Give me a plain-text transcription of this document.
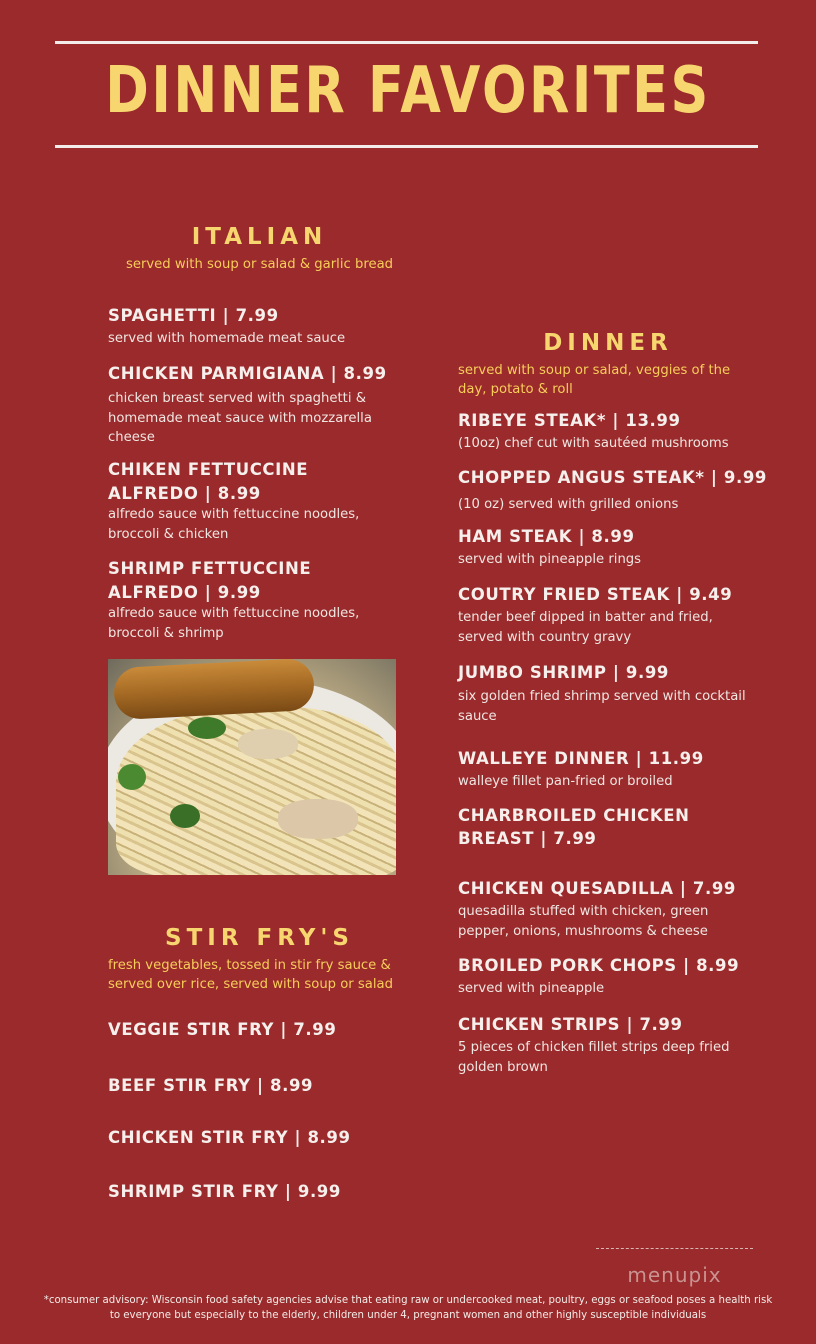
DINNER FAVORITES
ITALIAN
served with soup or salad & garlic bread
SPAGHETTI | 7.99
served with homemade meat sauce
CHICKEN PARMIGIANA | 8.99
chicken breast served with spaghetti & homemade meat sauce with mozzarella cheese
CHIKEN FETTUCCINE
ALFREDO | 8.99
alfredo sauce with fettuccine noodles, broccoli & chicken
SHRIMP FETTUCCINE
ALFREDO | 9.99
alfredo sauce with fettuccine noodles, broccoli & shrimp
STIR FRY'S
fresh vegetables, tossed in stir fry sauce & served over rice, served with soup or salad
VEGGIE STIR FRY | 7.99
BEEF STIR FRY | 8.99
CHICKEN STIR FRY | 8.99
SHRIMP STIR FRY | 9.99
DINNER
served with soup or salad, veggies of the day, potato & roll
RIBEYE STEAK* | 13.99
(10oz) chef cut with sautéed mushrooms
CHOPPED ANGUS STEAK* | 9.99
(10 oz) served with grilled onions
HAM STEAK | 8.99
served with pineapple rings
COUTRY FRIED STEAK | 9.49
tender beef dipped in batter and fried, served with country gravy
JUMBO SHRIMP | 9.99
six golden fried shrimp served with cocktail sauce
WALLEYE DINNER | 11.99
walleye fillet pan-fried or broiled
CHARBROILED CHICKEN
BREAST | 7.99
CHICKEN QUESADILLA | 7.99
quesadilla stuffed with chicken, green pepper, onions, mushrooms & cheese
BROILED PORK CHOPS | 8.99
served with pineapple
CHICKEN STRIPS | 7.99
5 pieces of chicken fillet strips deep fried golden brown
menupix
*consumer advisory: Wisconsin food safety agencies advise that eating raw or undercooked meat, poultry, eggs or seafood poses a health risk
to everyone but especially to the elderly, children under 4, pregnant women and other highly susceptible individuals
